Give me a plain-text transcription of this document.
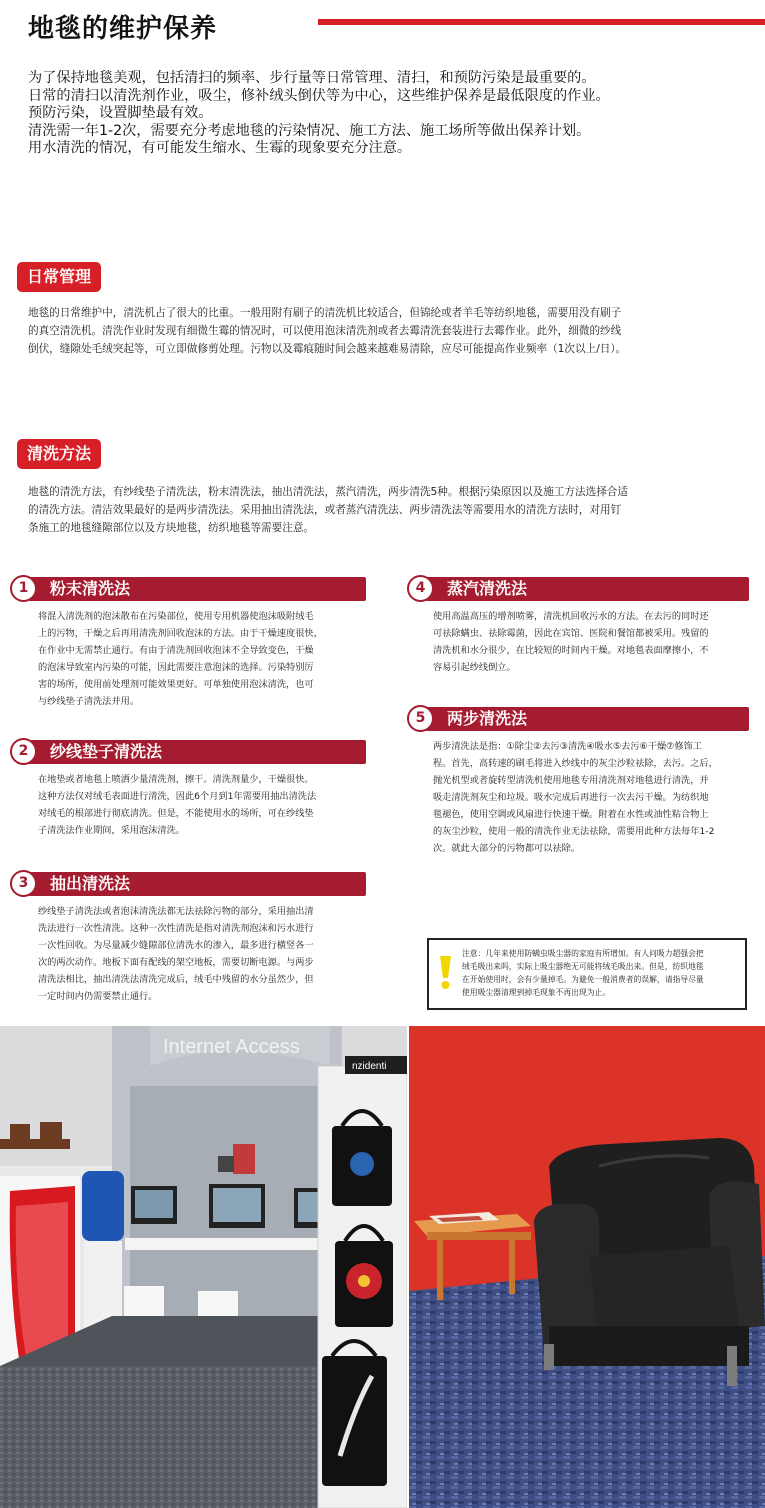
地毯的维护保养
为了保持地毯美观，包括清扫的频率、步行量等日常管理、清扫，和预防污染是最重要的。
日常的清扫以清洗剂作业，吸尘，修补绒头倒伏等为中心，这些维护保养是最低限度的作业。
预防污染，设置脚垫最有效。
清洗需一年1-2次，需要充分考虑地毯的污染情况、施工方法、施工场所等做出保养计划。
用水清洗的情况，有可能发生缩水、生霉的现象要充分注意。
日常管理
地毯的日常维护中，清洗机占了很大的比重。一般用附有刷子的清洗机比较适合，但锦纶或者羊毛等纺织地毯，需要用没有刷子
的真空清洗机。清洗作业时发现有细微生霉的情况时，可以使用泡沫清洗剂或者去霉清洗套装进行去霉作业。此外，细微的纱线
倒伏，缝隙处毛绒突起等，可立即做修剪处理。污物以及霉痕随时间会越来越难易清除，应尽可能提高作业频率（1次以上/日）。
清洗方法
地毯的清洗方法，有纱线垫子清洗法，粉末清洗法，抽出清洗法，蒸汽清洗，两步清洗5种。根据污染原因以及施工方法选择合适
的清洗方法。清洁效果最好的是两步清洗法。采用抽出清洗法，或者蒸汽清洗法、两步清洗法等需要用水的清洗方法时，对用钉
条施工的地毯缝隙部位以及方块地毯，纺织地毯等需要注意。
1	粉末清洗法
将混入清洗剂的泡沫散布在污染部位，使用专用机器使泡沫吸附绒毛
上的污物，干燥之后再用清洗剂回收泡沫的方法。由于干燥速度很快，
在作业中无需禁止通行。有由于清洗剂回收泡沫不全导致变色，干燥
的泡沫导致室内污染的可能，因此需要注意泡沫的选择。污染特别厉
害的场所，使用前处理剂可能效果更好。可单独使用泡沫清洗，也可
与纱线垫子清洗法并用。
2	纱线垫子清洗法
在地垫或者地毯上喷洒少量清洗剂，擦干。清洗剂量少，干燥很快。
这种方法仅对绒毛表面进行清洗，因此6个月到1年需要用抽出清洗法
对绒毛的根部进行彻底清洗。但是，不能使用水的场所，可在纱线垫
子清洗法作业期间，采用泡沫清洗。
3	抽出清洗法
纱线垫子清洗法或者泡沫清洗法都无法祛除污物的部分，采用抽出清
洗法进行一次性清洗。这种一次性清洗是指对清洗剂泡沫和污水进行
一次性回收。为尽量减少缝隙部位清洗水的渗入，最多进行横竖各一
次的两次动作。地板下面有配线的架空地板，需要切断电源。与两步
清洗法相比，抽出清洗法清洗完成后，绒毛中残留的水分虽然少，但
一定时间内仍需要禁止通行。
4	蒸汽清洗法
使用高温高压的增剂喷雾，清洗机回收污水的方法。在去污的同时还
可祛除螨虫、祛除霉菌，因此在宾馆、医院和餐馆都被采用。残留的
清洗机和水分很少，在比较短的时间内干燥。对地毯表面摩擦小，不
容易引起纱线倒立。
5	两步清洗法
两步清洗法是指：①除尘②去污③清洗④吸水⑤去污⑥干燥⑦修饰工
程。首先，高转速的刷毛将进入纱线中的灰尘沙粒祛除，去污。之后，
抛光机型或者旋转型清洗机使用地毯专用清洗剂对地毯进行清洗，并
吸走清洗剂灰尘和垃圾。吸水完成后再进行一次去污干燥。为纺织地
毯褪色，使用空调或风扇进行快速干燥。附着在水性或油性粘合物上
的灰尘沙粒，使用一般的清洗作业无法祛除，需要用此种方法每年1-2
次。就此大部分的污物都可以祛除。
注意：几年来使用防螨虫吸尘器的家庭有所增加。有人问吸力超强会把
绒毛吸出来吗，实际上吸尘器绝无可能将绒毛吸出来。但是，纺织地毯
在开始使用时，会有少量掉毛。为避免一般消费者的误解，请指导尽量
使用吸尘器清理到掉毛现象不再出现为止。
Internet Access
nzidenti
